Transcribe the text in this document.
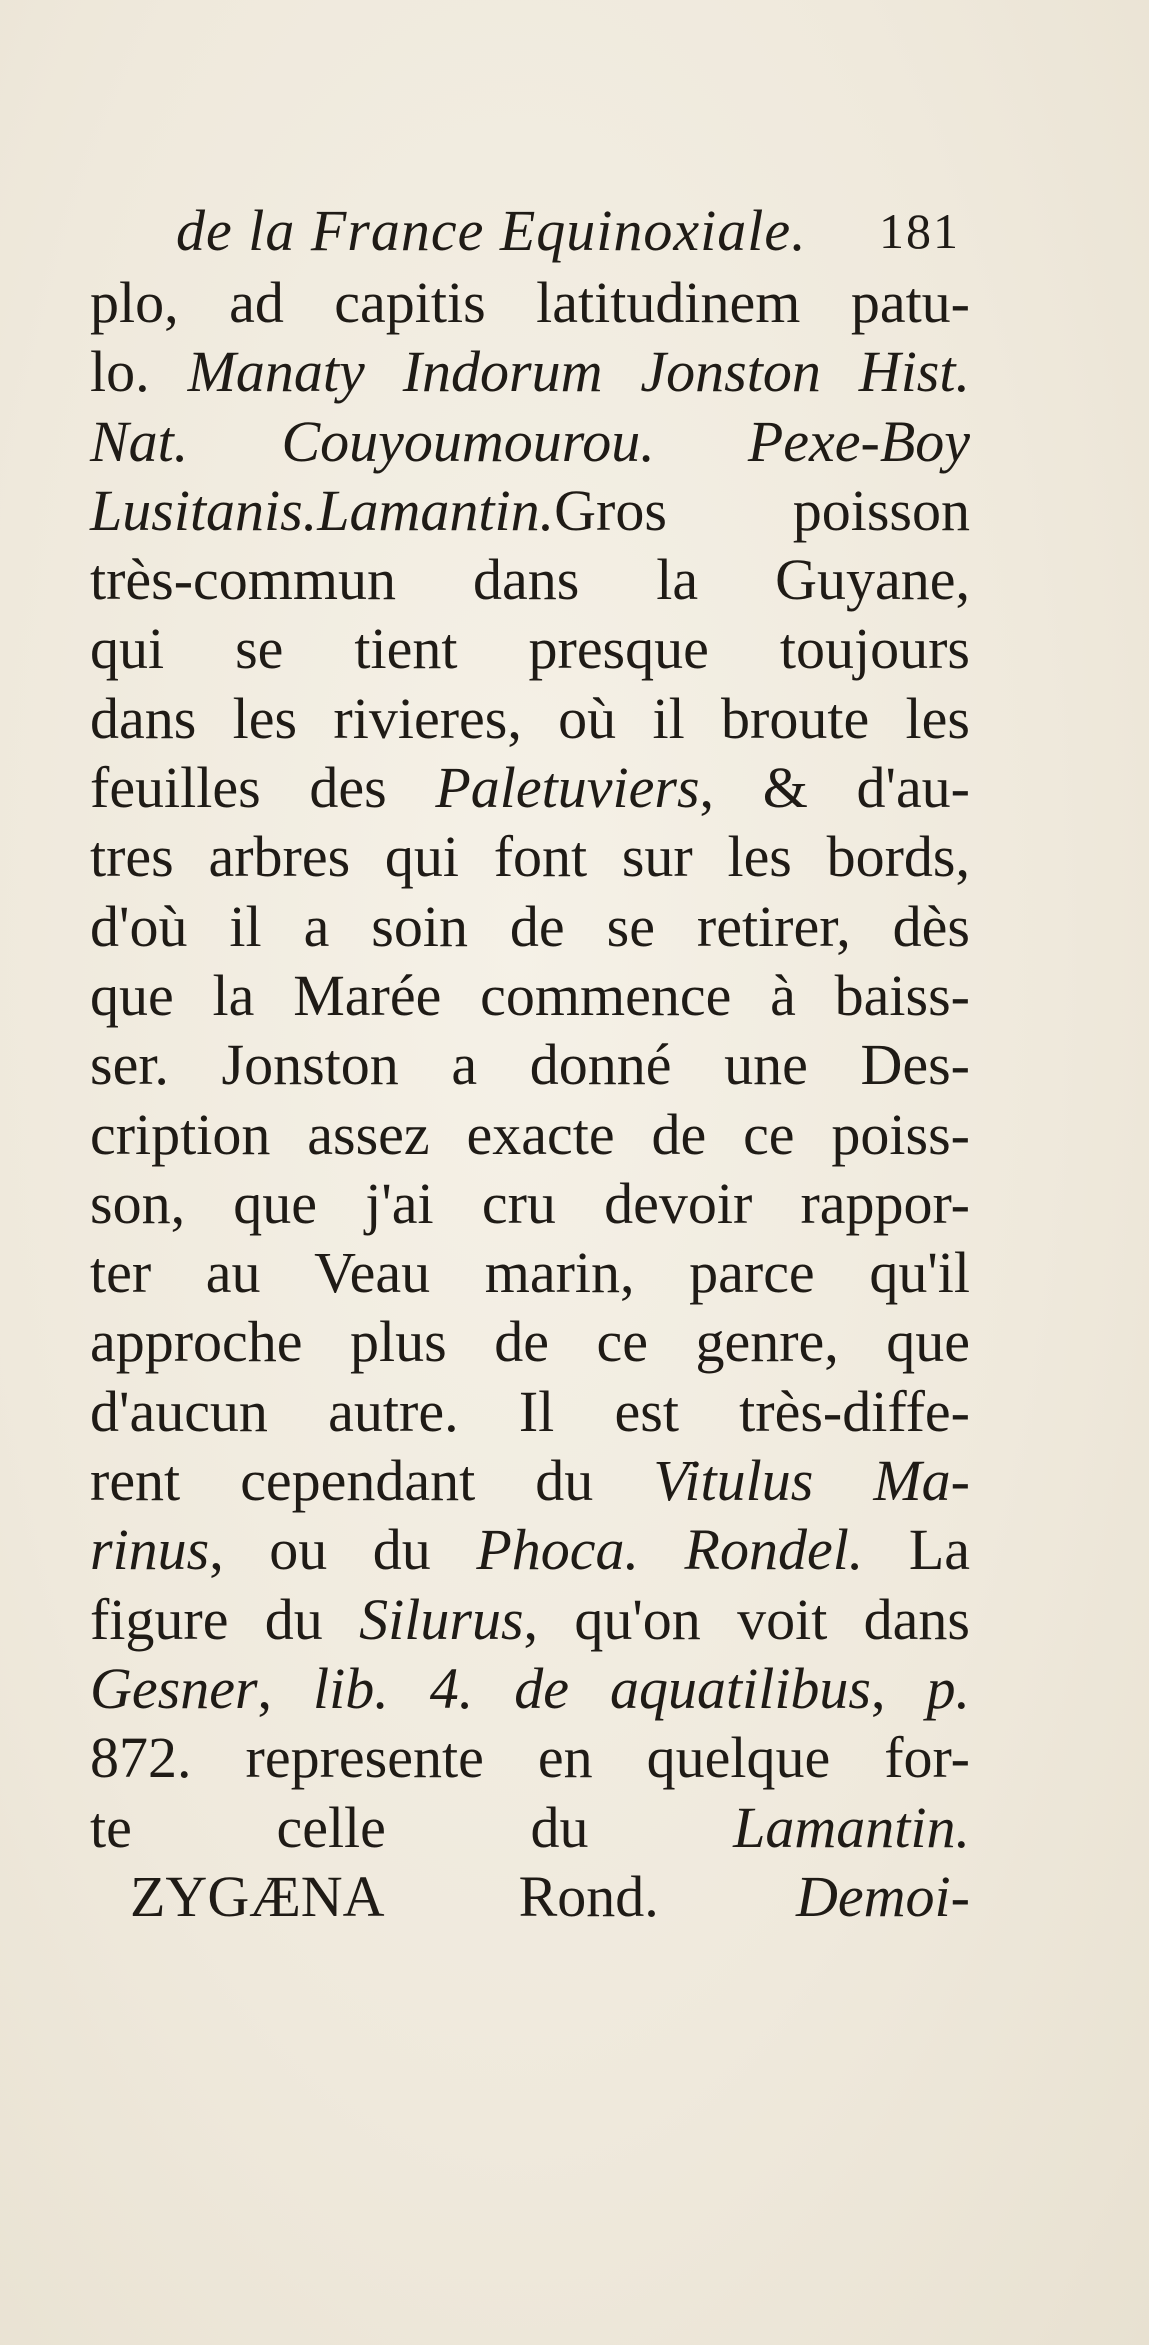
de la France Equinoxiale.	181
plo, ad capitis latitudinem patu-
lo. Manaty Indorum Jonston Hist.
Nat. Couyoumourou. Pexe-Boy
Lusitanis.Lamantin.Gros poisson
très-commun dans la Guyane,
qui se tient presque toujours
dans les rivieres, où il broute les
feuilles des Paletuviers, & d'au-
tres arbres qui font sur les bords,
d'où il a soin de se retirer, dès
que la Marée commence à baiss-
ser. Jonston a donné une Des-
cription assez exacte de ce poiss-
son, que j'ai cru devoir rappor-
ter au Veau marin, parce qu'il
approche plus de ce genre, que
d'aucun autre. Il est très-diffe-
rent cependant du Vitulus Ma-
rinus, ou du Phoca. Rondel. La
figure du Silurus, qu'on voit dans
Gesner, lib. 4. de aquatilibus, p.
872. represente en quelque for-
te celle du Lamantin.
ZYGÆNA Rond. Demoi-
